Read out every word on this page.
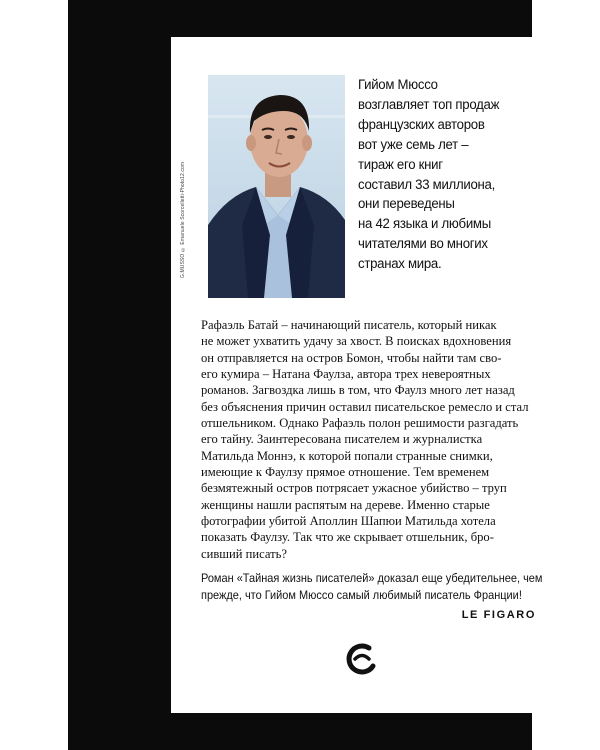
G.MUSSO © Emanuele Scorcelletti-Photo12.com
Гийом Мюссо
возглавляет топ продаж
французских авторов
вот уже семь лет –
тираж его книг
составил 33 миллиона,
они переведены
на 42 языка и любимы
читателями во многих
странах мира.
Рафаэль Батай – начинающий писатель, который никак
не может ухватить удачу за хвост. В поисках вдохновения
он отправляется на остров Бомон, чтобы найти там сво-
его кумира – Натана Фаулза, автора трех невероятных
романов. Загвоздка лишь в том, что Фаулз много лет назад
без объяснения причин оставил писательское ремесло и стал
отшельником. Однако Рафаэль полон решимости разгадать
его тайну. Заинтересована писателем и журналистка
Матильда Моннэ, к которой попали странные снимки,
имеющие к Фаулзу прямое отношение. Тем временем
безмятежный остров потрясает ужасное убийство – труп
женщины нашли распятым на дереве. Именно старые
фотографии убитой Аполлин Шапюи Матильда хотела
показать Фаулзу. Так что же скрывает отшельник, бро-
сивший писать?
Роман «Тайная жизнь писателей» доказал еще убедительнее, чем
прежде, что Гийом Мюссо самый любимый писатель Франции!
LE FIGARO
